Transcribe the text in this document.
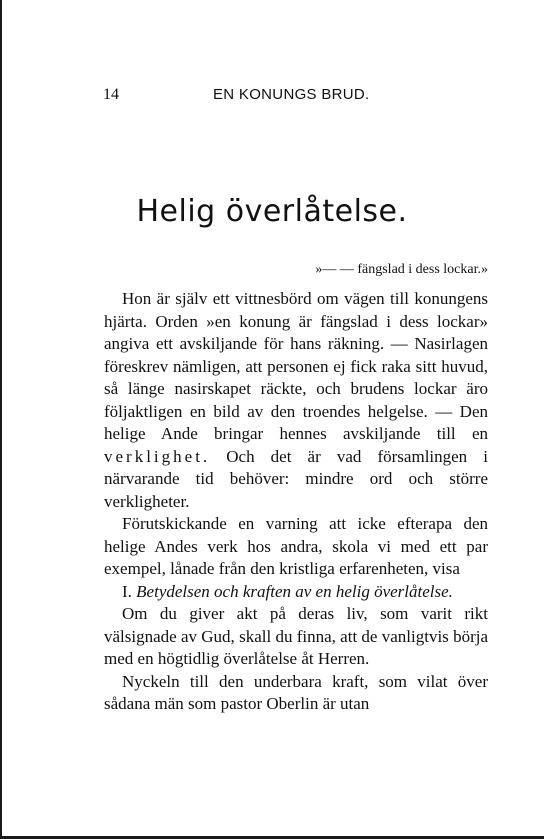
14	EN KONUNGS BRUD.
Helig överlåtelse.
»— — fängslad i dess lockar.»

Hon är själv ett vittnesbörd om vägen till konungens hjärta. Orden »en konung är fängslad i dess lockar» angiva ett avskiljande för hans räkning. — Nasirlagen föreskrev nämligen, att personen ej fick raka sitt huvud, så länge nasirskapet räckte, och brudens lockar äro följaktligen en bild av den troendes helgelse. — Den helige Ande bringar hennes avskiljande till en verklighet. Och det är vad församlingen i närvarande tid behöver: mindre ord och större verkligheter.

Förutskickande en varning att icke efterapa den helige Andes verk hos andra, skola vi med ett par exempel, lånade från den kristliga erfarenheten, visa

I. Betydelsen och kraften av en helig överlåtelse.

Om du giver akt på deras liv, som varit rikt välsignade av Gud, skall du finna, att de vanligtvis börja med en högtidlig överlåtelse åt Herren.

Nyckeln till den underbara kraft, som vilat över sådana män som pastor Oberlin är utan
